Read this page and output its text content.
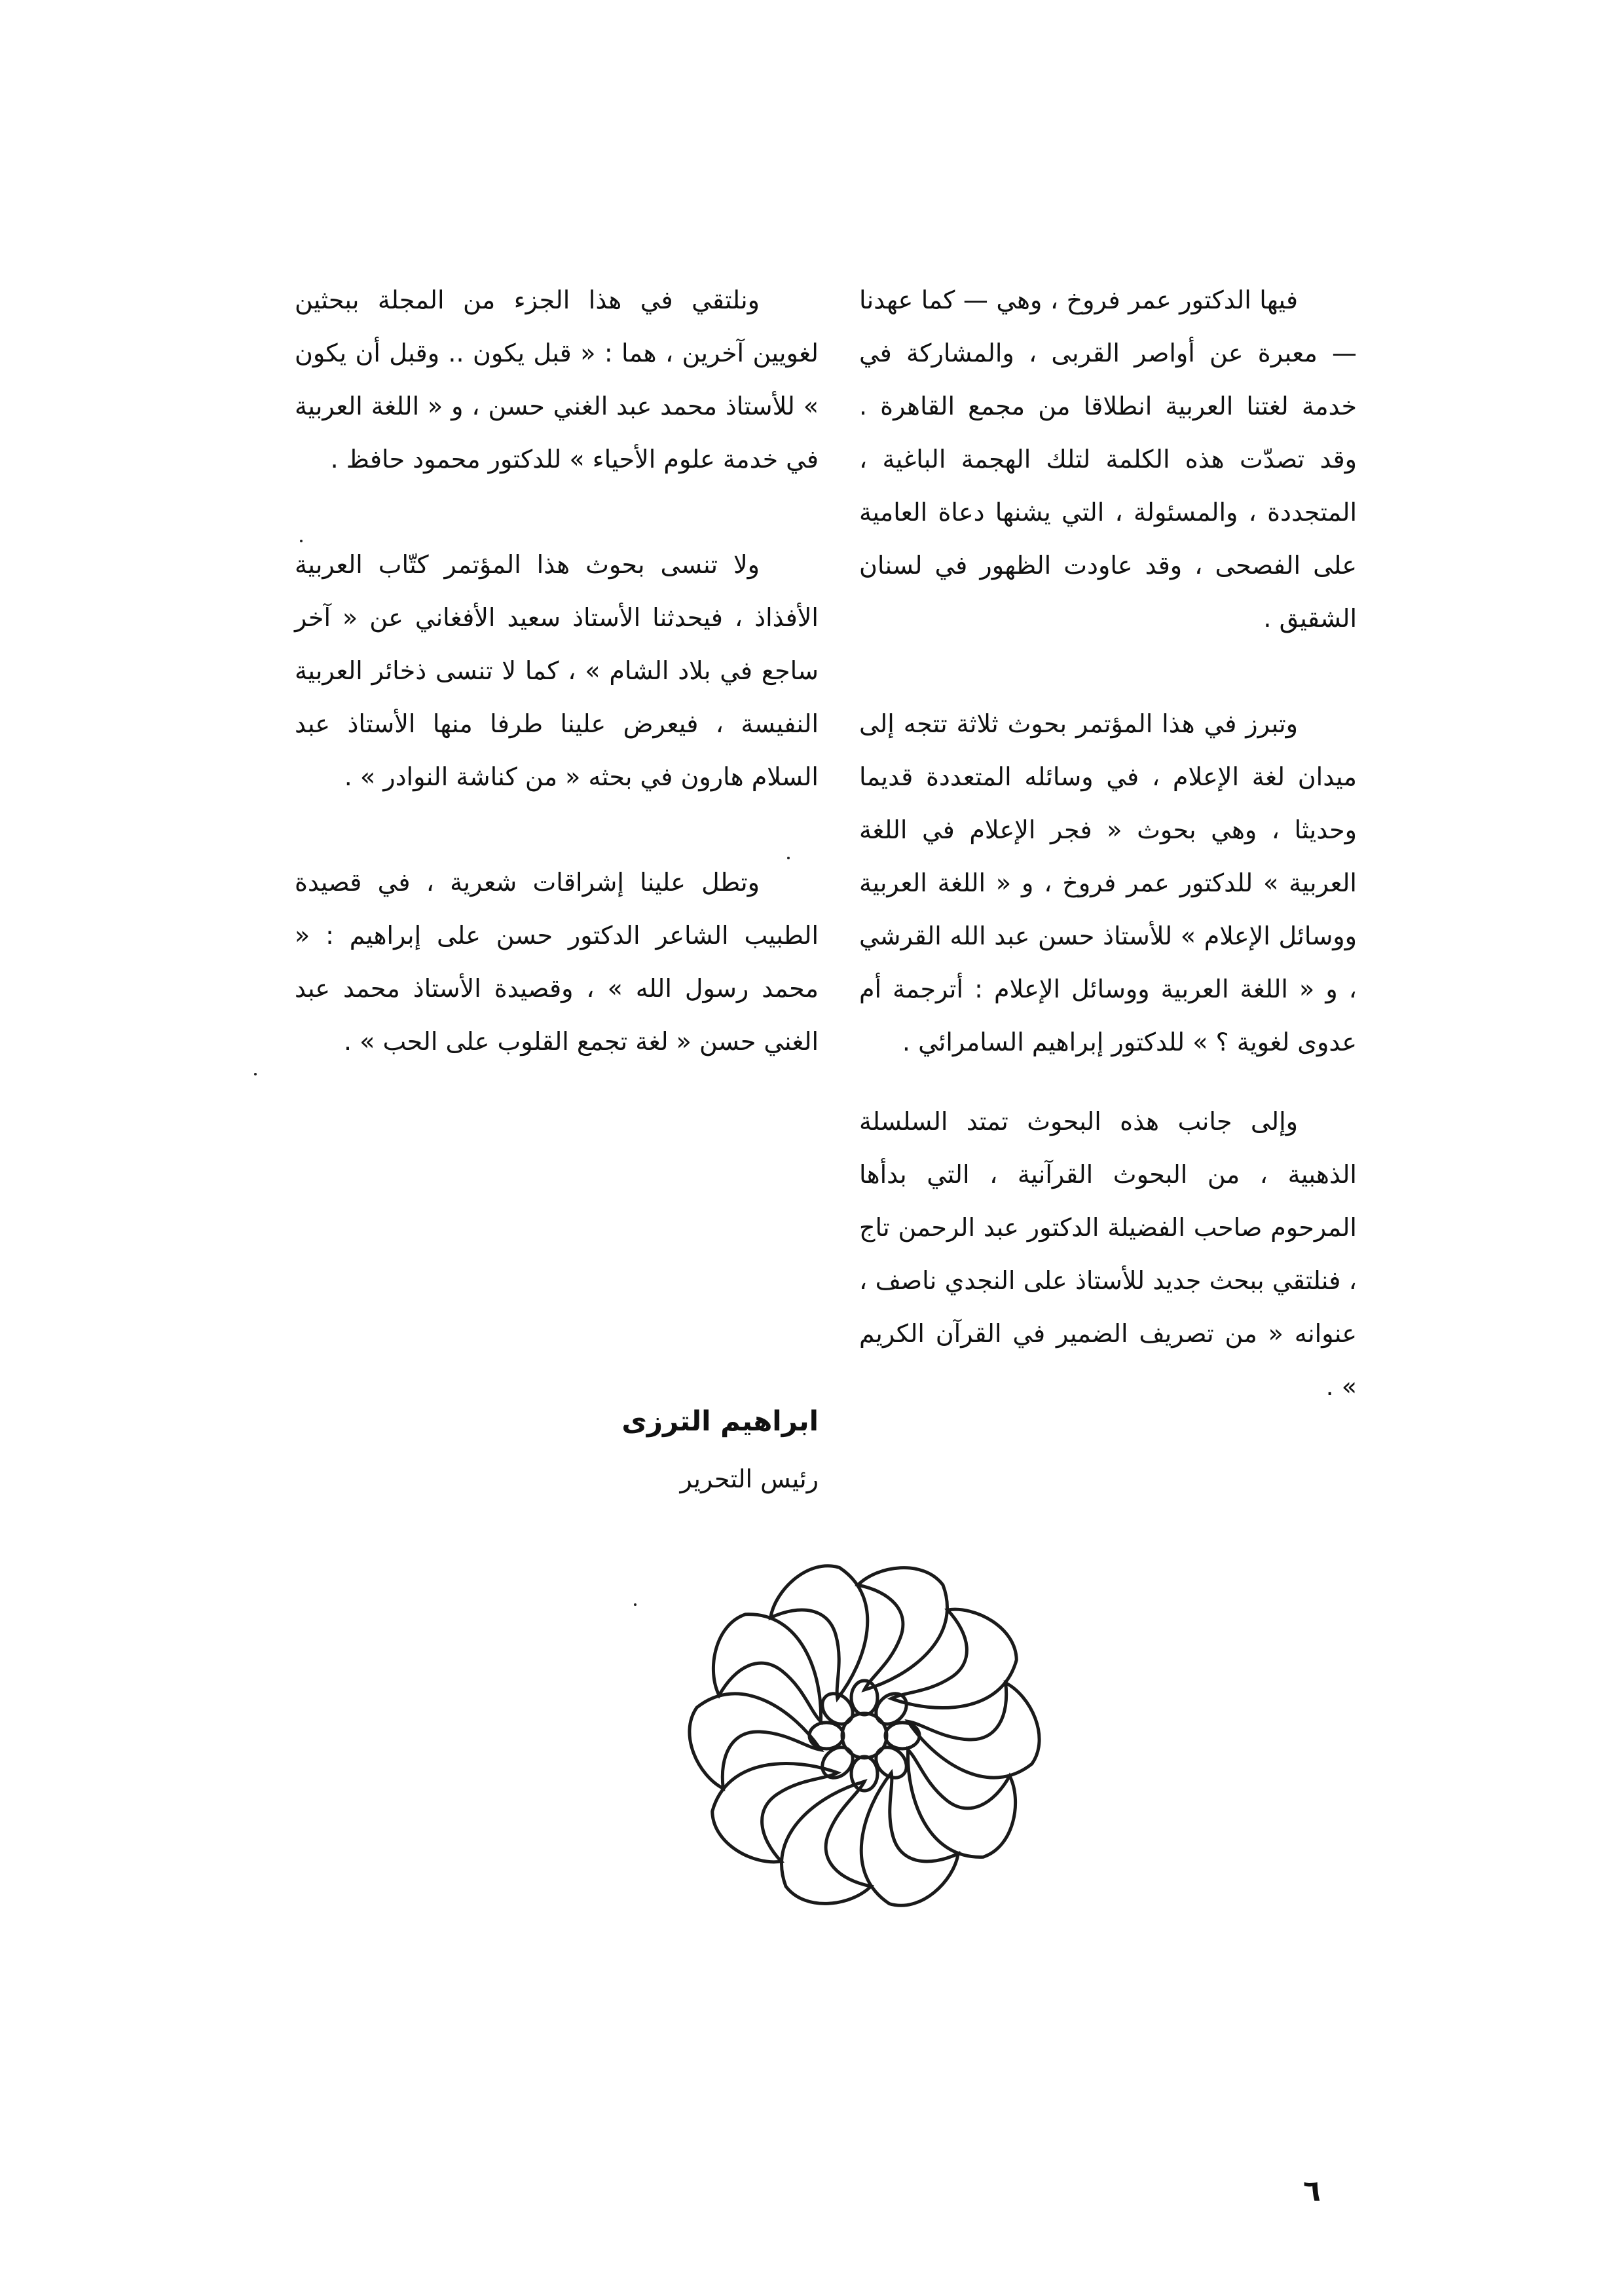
فيها الدكتور عمر فروخ ، وهي — كما عهدنا — معبرة عن أواصر القربى ، والمشاركة في خدمة لغتنا العربية انطلاقا من مجمع القاهرة . وقد تصدّت هذه الكلمة لتلك الهجمة الباغية ، المتجددة ، والمسئولة ، التي يشنها دعاة العامية على الفصحى ، وقد عاودت الظهور في لسنان الشقيق .

وتبرز في هذا المؤتمر بحوث ثلاثة تتجه إلى ميدان لغة الإعلام ، في وسائله المتعددة قديما وحديثا ، وهي بحوث « فجر الإعلام في اللغة العربية » للدكتور عمر فروخ ، و « اللغة العربية ووسائل الإعلام » للأستاذ حسن عبد الله القرشي ، و « اللغة العربية ووسائل الإعلام : أترجمة أم عدوى لغوية ؟ » للدكتور إبراهيم السامرائي .

وإلى جانب هذه البحوث تمتد السلسلة الذهبية ، من البحوث القرآنية ، التي بدأها المرحوم صاحب الفضيلة الدكتور عبد الرحمن تاج ، فنلتقي ببحث جديد للأستاذ على النجدي ناصف ، عنوانه « من تصريف الضمير في القرآن الكريم » .

ونلتقي في هذا الجزء من المجلة ببحثين لغويين آخرين ، هما : « قبل يكون .. وقبل أن يكون » للأستاذ محمد عبد الغني حسن ، و « اللغة العربية في خدمة علوم الأحياء » للدكتور محمود حافظ .

ولا تنسى بحوث هذا المؤتمر كتّاب العربية الأفذاذ ، فيحدثنا الأستاذ سعيد الأفغاني عن « آخر ساجع في بلاد الشام » ، كما لا تنسى ذخائر العربية النفيسة ، فيعرض علينا طرفا منها الأستاذ عبد السلام هارون في بحثه « من كناشة النوادر » .

وتطل علينا إشراقات شعرية ، في قصيدة الطبيب الشاعر الدكتور حسن على إبراهيم : « محمد رسول الله » ، وقصيدة الأستاذ محمد عبد الغني حسن « لغة تجمع القلوب على الحب » .

ابراهيم الترزى
رئيس التحرير
٦
